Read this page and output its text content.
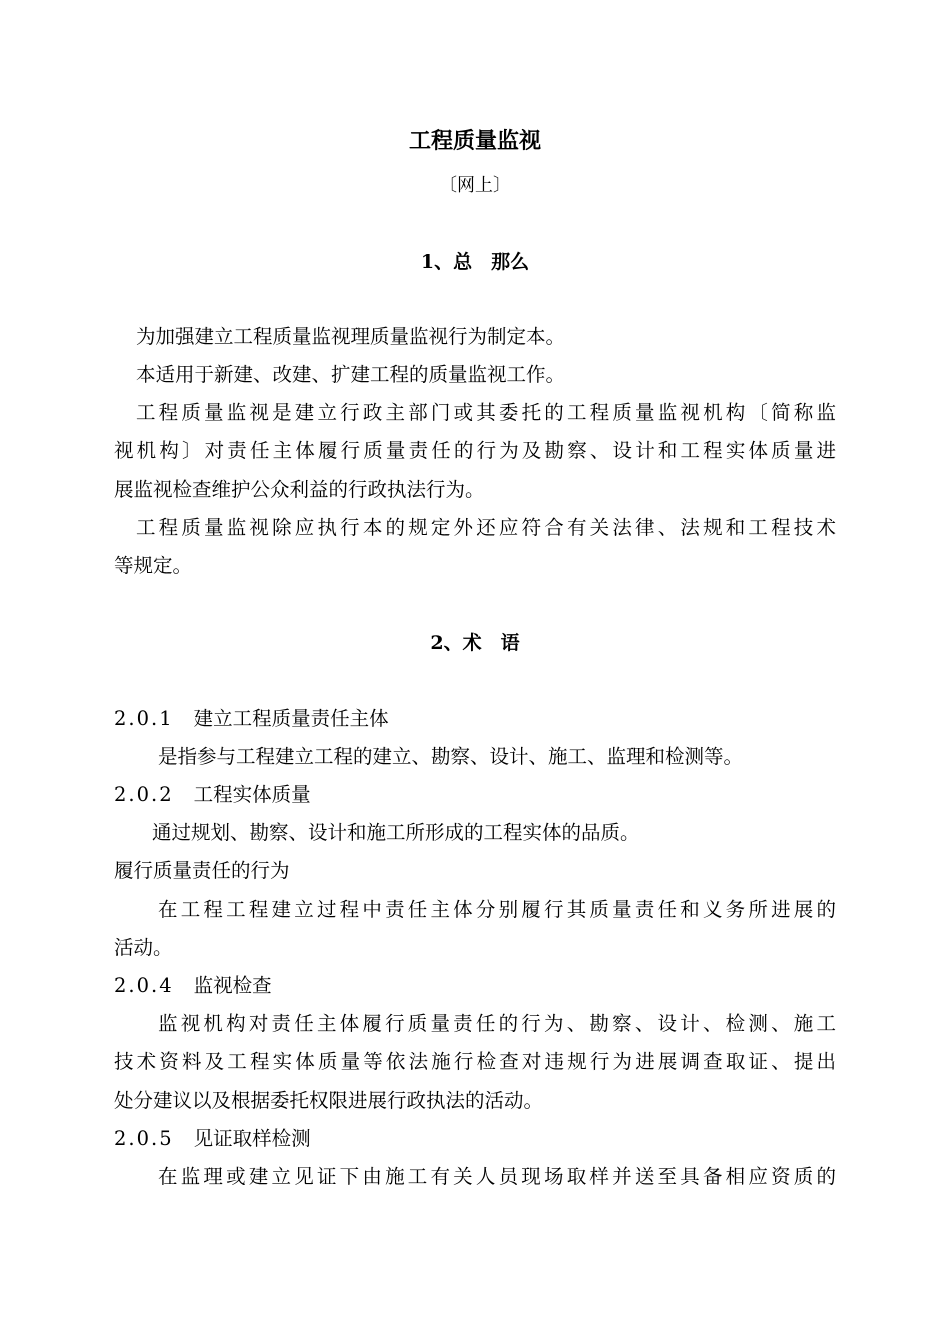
工程质量监视
〔网上〕
1、总　那么
为加强建立工程质量监视理质量监视行为制定本。
本适用于新建、改建、扩建工程的质量监视工作。
工程质量监视是建立行政主部门或其委托的工程质量监视机构〔简称监
视机构〕对责任主体履行质量责任的行为及勘察、设计和工程实体质量进
展监视检查维护公众利益的行政执法行为。
工程质量监视除应执行本的规定外还应符合有关法律、法规和工程技术
等规定。
2、术　语
2.0.1 建立工程质量责任主体
是指参与工程建立工程的建立、勘察、设计、施工、监理和检测等。
2.0.2 工程实体质量
通过规划、勘察、设计和施工所形成的工程实体的品质。
履行质量责任的行为
在工程工程建立过程中责任主体分别履行其质量责任和义务所进展的
活动。
2.0.4 监视检查
监视机构对责任主体履行质量责任的行为、勘察、设计、检测、施工
技术资料及工程实体质量等依法施行检查对违规行为进展调查取证、提出
处分建议以及根据委托权限进展行政执法的活动。
2.0.5 见证取样检测
在监理或建立见证下由施工有关人员现场取样并送至具备相应资质的
